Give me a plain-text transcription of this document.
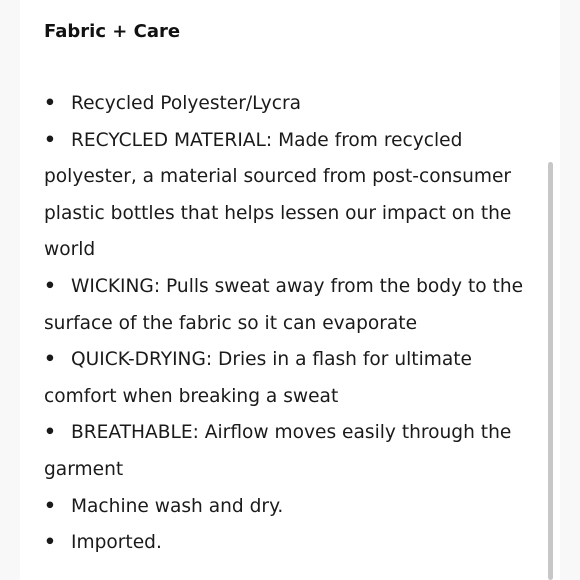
Fabric + Care
• Recycled Polyester/Lycra
• RECYCLED MATERIAL: Made from recycled polyester, a material sourced from post-consumer plastic bottles that helps lessen our impact on the world
• WICKING: Pulls sweat away from the body to the surface of the fabric so it can evaporate
• QUICK-DRYING: Dries in a flash for ultimate comfort when breaking a sweat
• BREATHABLE: Airflow moves easily through the garment
• Machine wash and dry.
• Imported.
